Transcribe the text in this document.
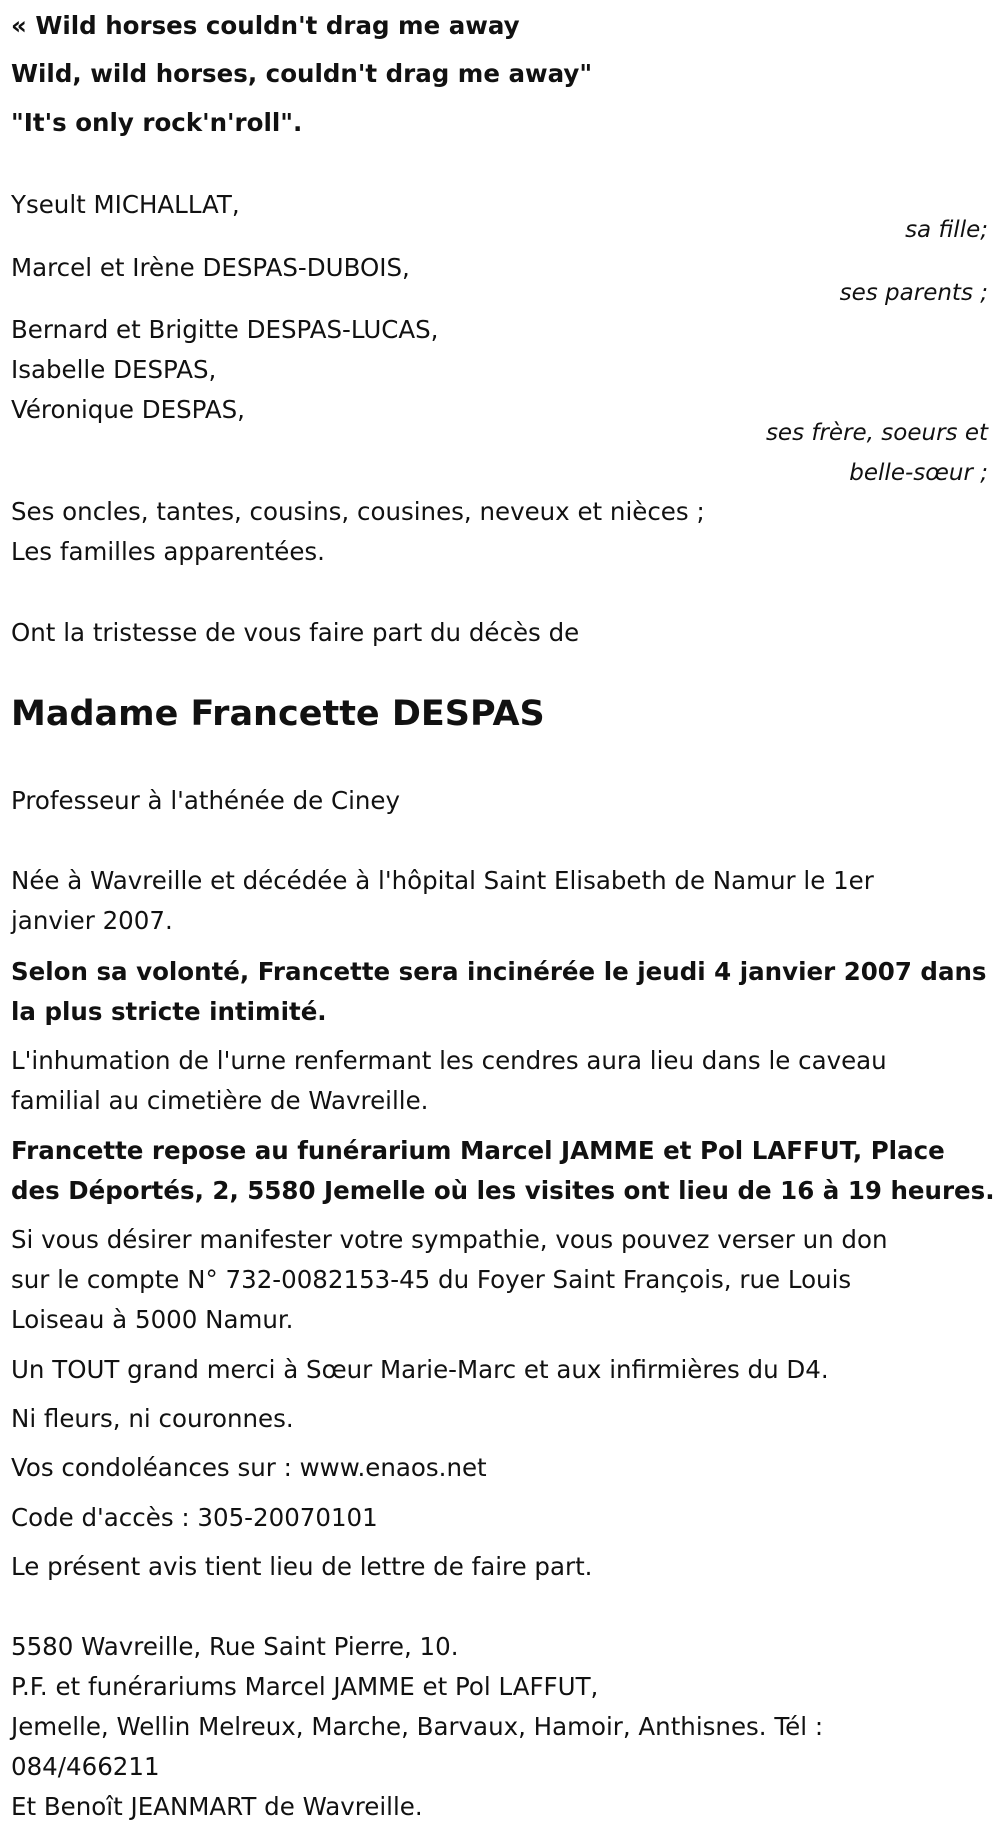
« Wild horses couldn't drag me away

Wild, wild horses, couldn't drag me away"

"It's only rock'n'roll".

Yseult MICHALLAT,

sa fille;

Marcel et Irène DESPAS-DUBOIS,

ses parents ;

Bernard et Brigitte DESPAS-LUCAS,

Isabelle DESPAS,

Véronique DESPAS,

ses frère, soeurs et

belle-sœur ;

Ses oncles, tantes, cousins, cousines, neveux et nièces ;

Les familles apparentées.

Ont la tristesse de vous faire part du décès de

Madame Francette DESPAS

Professeur à l'athénée de Ciney

Née à Wavreille et décédée à l'hôpital Saint Elisabeth de Namur le 1er

janvier 2007.

Selon sa volonté, Francette sera incinérée le jeudi 4 janvier 2007 dans

la plus stricte intimité.

L'inhumation de l'urne renfermant les cendres aura lieu dans le caveau

familial au cimetière de Wavreille.

Francette repose au funérarium Marcel JAMME et Pol LAFFUT, Place

des Déportés, 2, 5580 Jemelle où les visites ont lieu de 16 à 19 heures.

Si vous désirer manifester votre sympathie, vous pouvez verser un don

sur le compte N° 732-0082153-45 du Foyer Saint François, rue Louis

Loiseau à 5000 Namur.

Un TOUT grand merci à Sœur Marie-Marc et aux infirmières du D4.

Ni fleurs, ni couronnes.

Vos condoléances sur : www.enaos.net

Code d'accès : 305-20070101

Le présent avis tient lieu de lettre de faire part.

5580 Wavreille, Rue Saint Pierre, 10.

P.F. et funérariums Marcel JAMME et Pol LAFFUT,

Jemelle, Wellin Melreux, Marche, Barvaux, Hamoir, Anthisnes. Tél :

084/466211

Et Benoît JEANMART de Wavreille.
